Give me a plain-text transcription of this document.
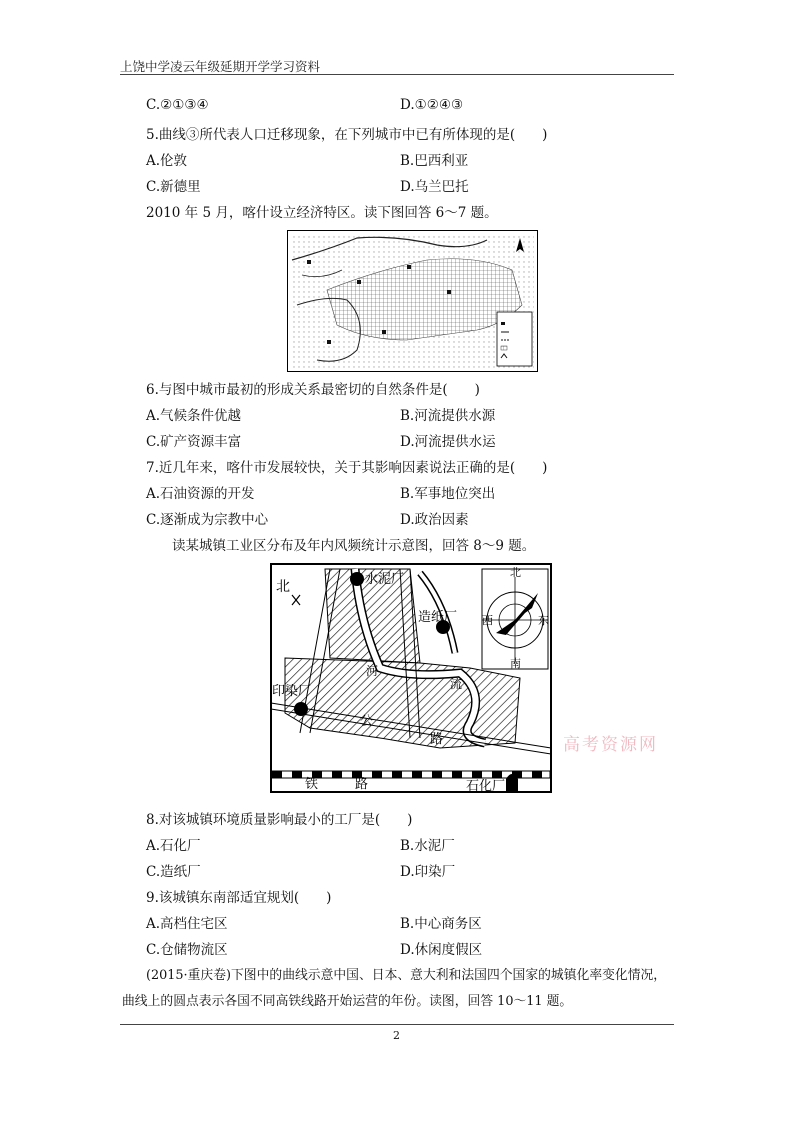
上饶中学凌云年级延期开学学习资料
C.②①③④	D.①②④③
5.曲线③所代表人口迁移现象，在下列城市中已有所体现的是(　　)
A.伦敦	B.巴西利亚
C.新德里	D.乌兰巴托
2010 年 5 月，喀什设立经济特区。读下图回答 6～7 题。
6.与图中城市最初的形成关系最密切的自然条件是(　　)
A.气候条件优越	B.河流提供水源
C.矿产资源丰富	D.河流提供水运
7.近几年来，喀什市发展较快，关于其影响因素说法正确的是(　　)
A.石油资源的开发	B.军事地位突出
C.逐渐成为宗教中心	D.政治因素
读某城镇工业区分布及年内风频统计示意图，回答 8～9 题。
水泥厂
造纸厂
印染厂
石化厂
北
河
流
公
路
铁	路
北
南
东
西
高考资源网
8.对该城镇环境质量影响最小的工厂是(　　)
A.石化厂	B.水泥厂
C.造纸厂	D.印染厂
9.该城镇东南部适宜规划(　　)
A.高档住宅区	B.中心商务区
C.仓储物流区	D.休闲度假区
(2015·重庆卷)下图中的曲线示意中国、日本、意大利和法国四个国家的城镇化率变化情况，
曲线上的圆点表示各国不同高铁线路开始运营的年份。读图，回答 10～11 题。
2
